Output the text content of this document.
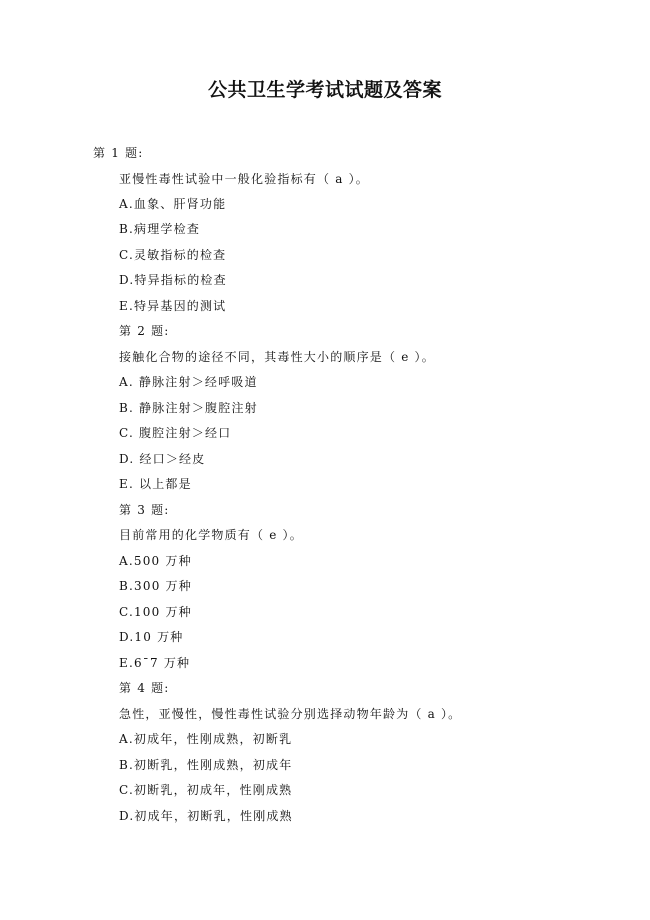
公共卫生学考试试题及答案
第 1 题:
亚慢性毒性试验中一般化验指标有（ a ）。
A.血象、肝肾功能
B.病理学检查
C.灵敏指标的检查
D.特异指标的检查
E.特异基因的测试
第 2 题:
接触化合物的途径不同，其毒性大小的顺序是（ e ）。
A. 静脉注射＞经呼吸道
B. 静脉注射＞腹腔注射
C. 腹腔注射＞经口
D. 经口＞经皮
E. 以上都是
第 3 题:
目前常用的化学物质有（ e ）。
A.500 万种
B.300 万种
C.100 万种
D.10 万种
E.6¯7 万种
第 4 题:
急性，亚慢性，慢性毒性试验分别选择动物年龄为（ a ）。
A.初成年，性刚成熟，初断乳
B.初断乳，性刚成熟，初成年
C.初断乳，初成年，性刚成熟
D.初成年，初断乳，性刚成熟
